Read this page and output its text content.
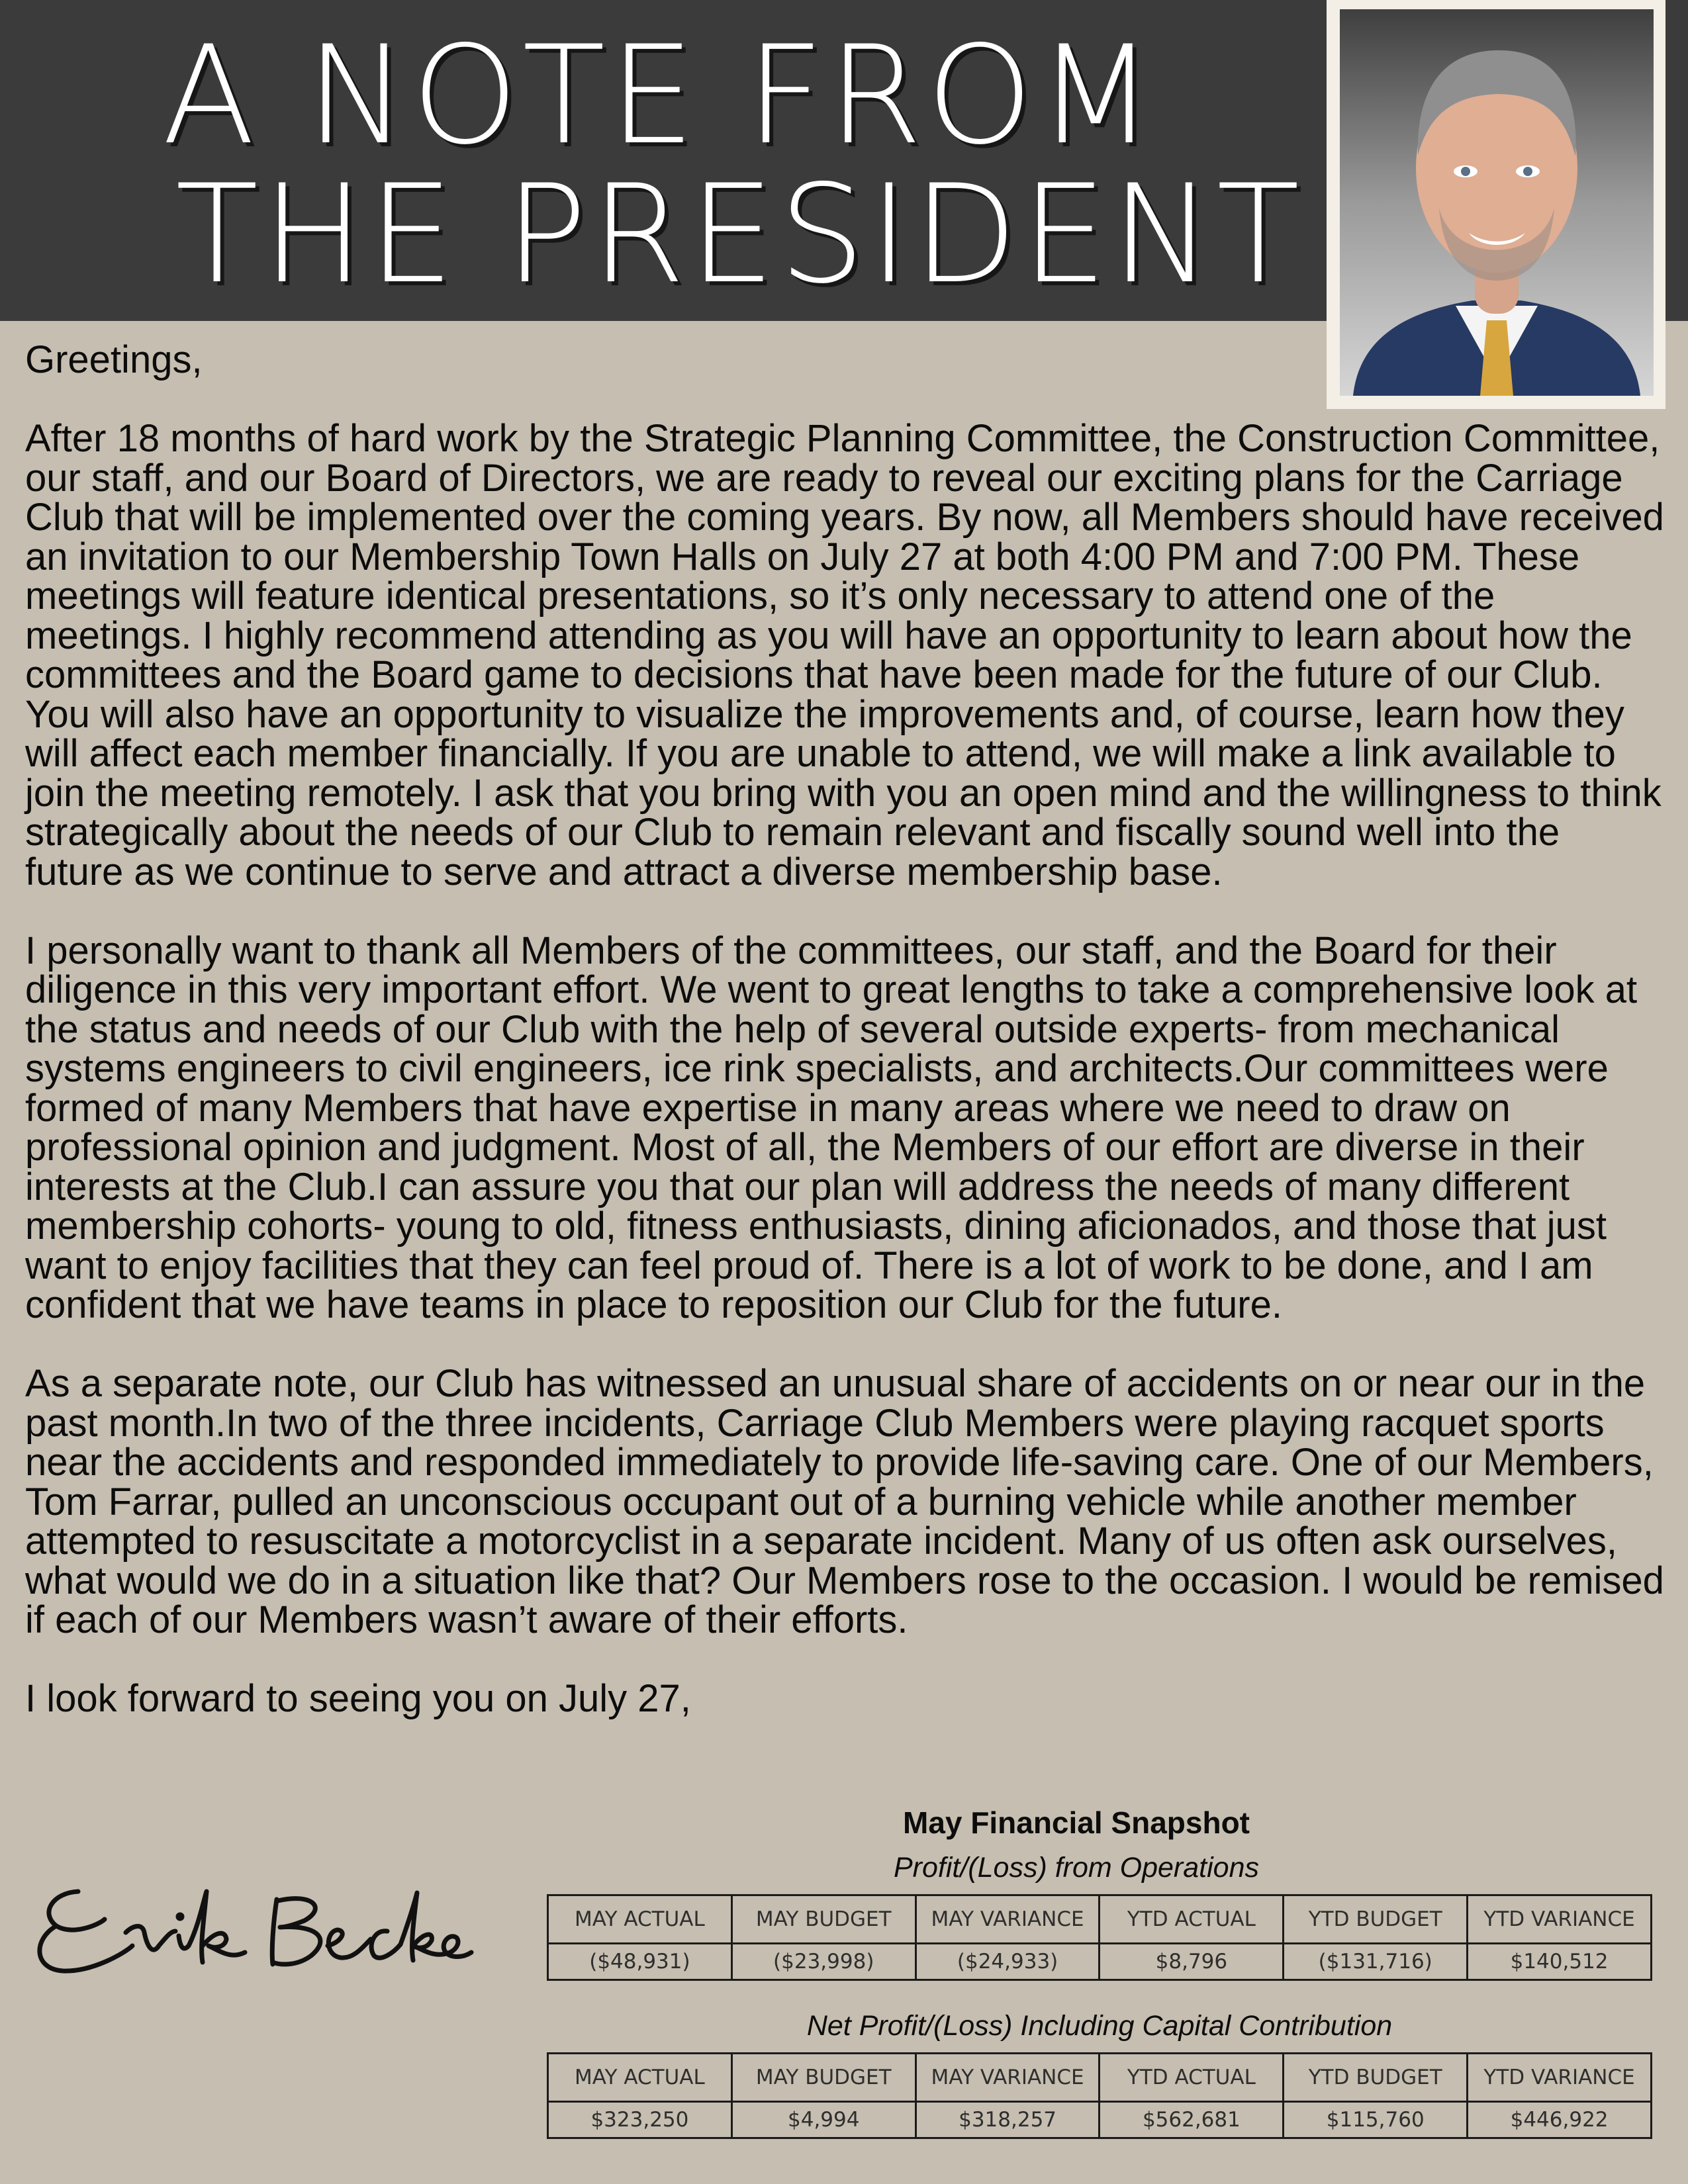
A NOTE FROM
THE PRESIDENT

Greetings,

After 18 months of hard work by the Strategic Planning Committee, the Construction Committee, our staff, and our Board of Directors, we are ready to reveal our exciting plans for the Carriage Club that will be implemented over the coming years. By now, all Members should have received an invitation to our Membership Town Halls on July 27 at both 4:00 PM and 7:00 PM. These meetings will feature identical presentations, so it’s only necessary to attend one of the meetings. I highly recommend attending as you will have an opportunity to learn about how the committees and the Board game to decisions that have been made for the future of our Club. You will also have an opportunity to visualize the improvements and, of course, learn how they will affect each member financially. If you are unable to attend, we will make a link available to join the meeting remotely. I ask that you bring with you an open mind and the willingness to think strategically about the needs of our Club to remain relevant and fiscally sound well into the future as we continue to serve and attract a diverse membership base.

I personally want to thank all Members of the committees, our staff, and the Board for their diligence in this very important effort. We went to great lengths to take a comprehensive look at the status and needs of our Club with the help of several outside experts- from mechanical systems engineers to civil engineers, ice rink specialists, and architects.Our committees were formed of many Members that have expertise in many areas where we need to draw on professional opinion and judgment. Most of all, the Members of our effort are diverse in their interests at the Club.I can assure you that our plan will address the needs of many different membership cohorts- young to old, fitness enthusiasts, dining aficionados, and those that just want to enjoy facilities that they can feel proud of. There is a lot of work to be done, and I am confident that we have teams in place to reposition our Club for the future.

As a separate note, our Club has witnessed an unusual share of accidents on or near our in the past month.In two of the three incidents, Carriage Club Members were playing racquet sports near the accidents and responded immediately to provide life-saving care. One of our Members, Tom Farrar, pulled an unconscious occupant out of a burning vehicle while another member attempted to resuscitate a motorcyclist in a separate incident. Many of us often ask ourselves, what would we do in a situation like that? Our Members rose to the occasion. I would be remised if each of our Members wasn’t aware of their efforts.

I look forward to seeing you on July 27,

May Financial Snapshot
Profit/(Loss) from Operations
MAY ACTUAL	MAY BUDGET	MAY VARIANCE	YTD ACTUAL	YTD BUDGET	YTD VARIANCE
($48,931)	($23,998)	($24,933)	$8,796	($131,716)	$140,512
Net Profit/(Loss) Including Capital Contribution
MAY ACTUAL	MAY BUDGET	MAY VARIANCE	YTD ACTUAL	YTD BUDGET	YTD VARIANCE
$323,250	$4,994	$318,257	$562,681	$115,760	$446,922
